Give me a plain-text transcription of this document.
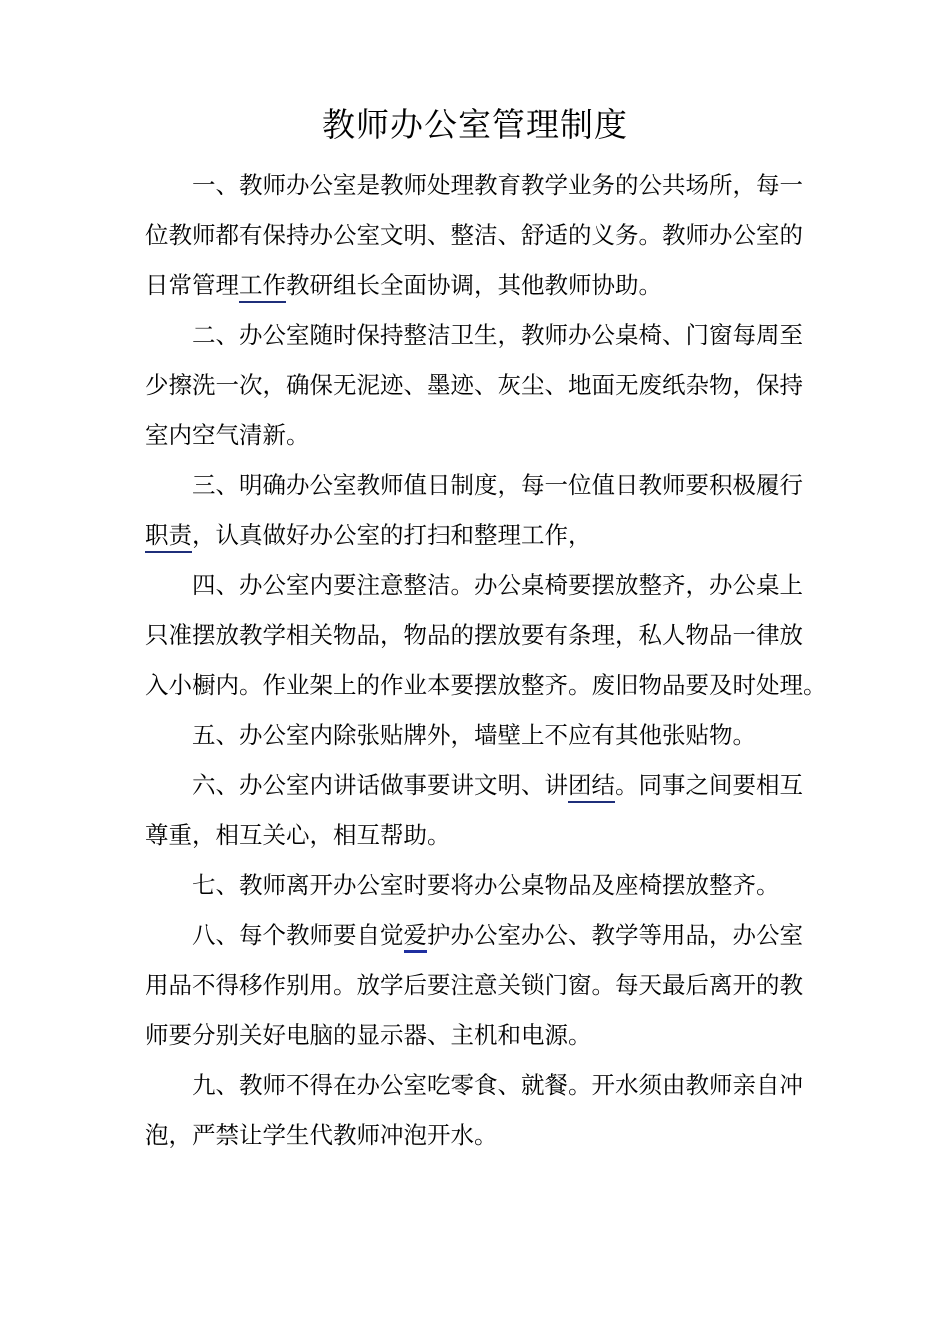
教师办公室管理制度
一、教师办公室是教师处理教育教学业务的公共场所，每一
位教师都有保持办公室文明、整洁、舒适的义务。教师办公室的
日常管理工作教研组长全面协调，其他教师协助。
二、办公室随时保持整洁卫生，教师办公桌椅、门窗每周至
少擦洗一次，确保无泥迹、墨迹、灰尘、地面无废纸杂物，保持
室内空气清新。
三、明确办公室教师值日制度，每一位值日教师要积极履行
职责，认真做好办公室的打扫和整理工作，
四、办公室内要注意整洁。办公桌椅要摆放整齐，办公桌上
只准摆放教学相关物品，物品的摆放要有条理，私人物品一律放
入小橱内。作业架上的作业本要摆放整齐。废旧物品要及时处理。
五、办公室内除张贴牌外，墙壁上不应有其他张贴物。
六、办公室内讲话做事要讲文明、讲团结。同事之间要相互
尊重，相互关心，相互帮助。
七、教师离开办公室时要将办公桌物品及座椅摆放整齐。
八、每个教师要自觉爱护办公室办公、教学等用品，办公室
用品不得移作别用。放学后要注意关锁门窗。每天最后离开的教
师要分别关好电脑的显示器、主机和电源。
九、教师不得在办公室吃零食、就餐。开水须由教师亲自冲
泡，严禁让学生代教师冲泡开水。
